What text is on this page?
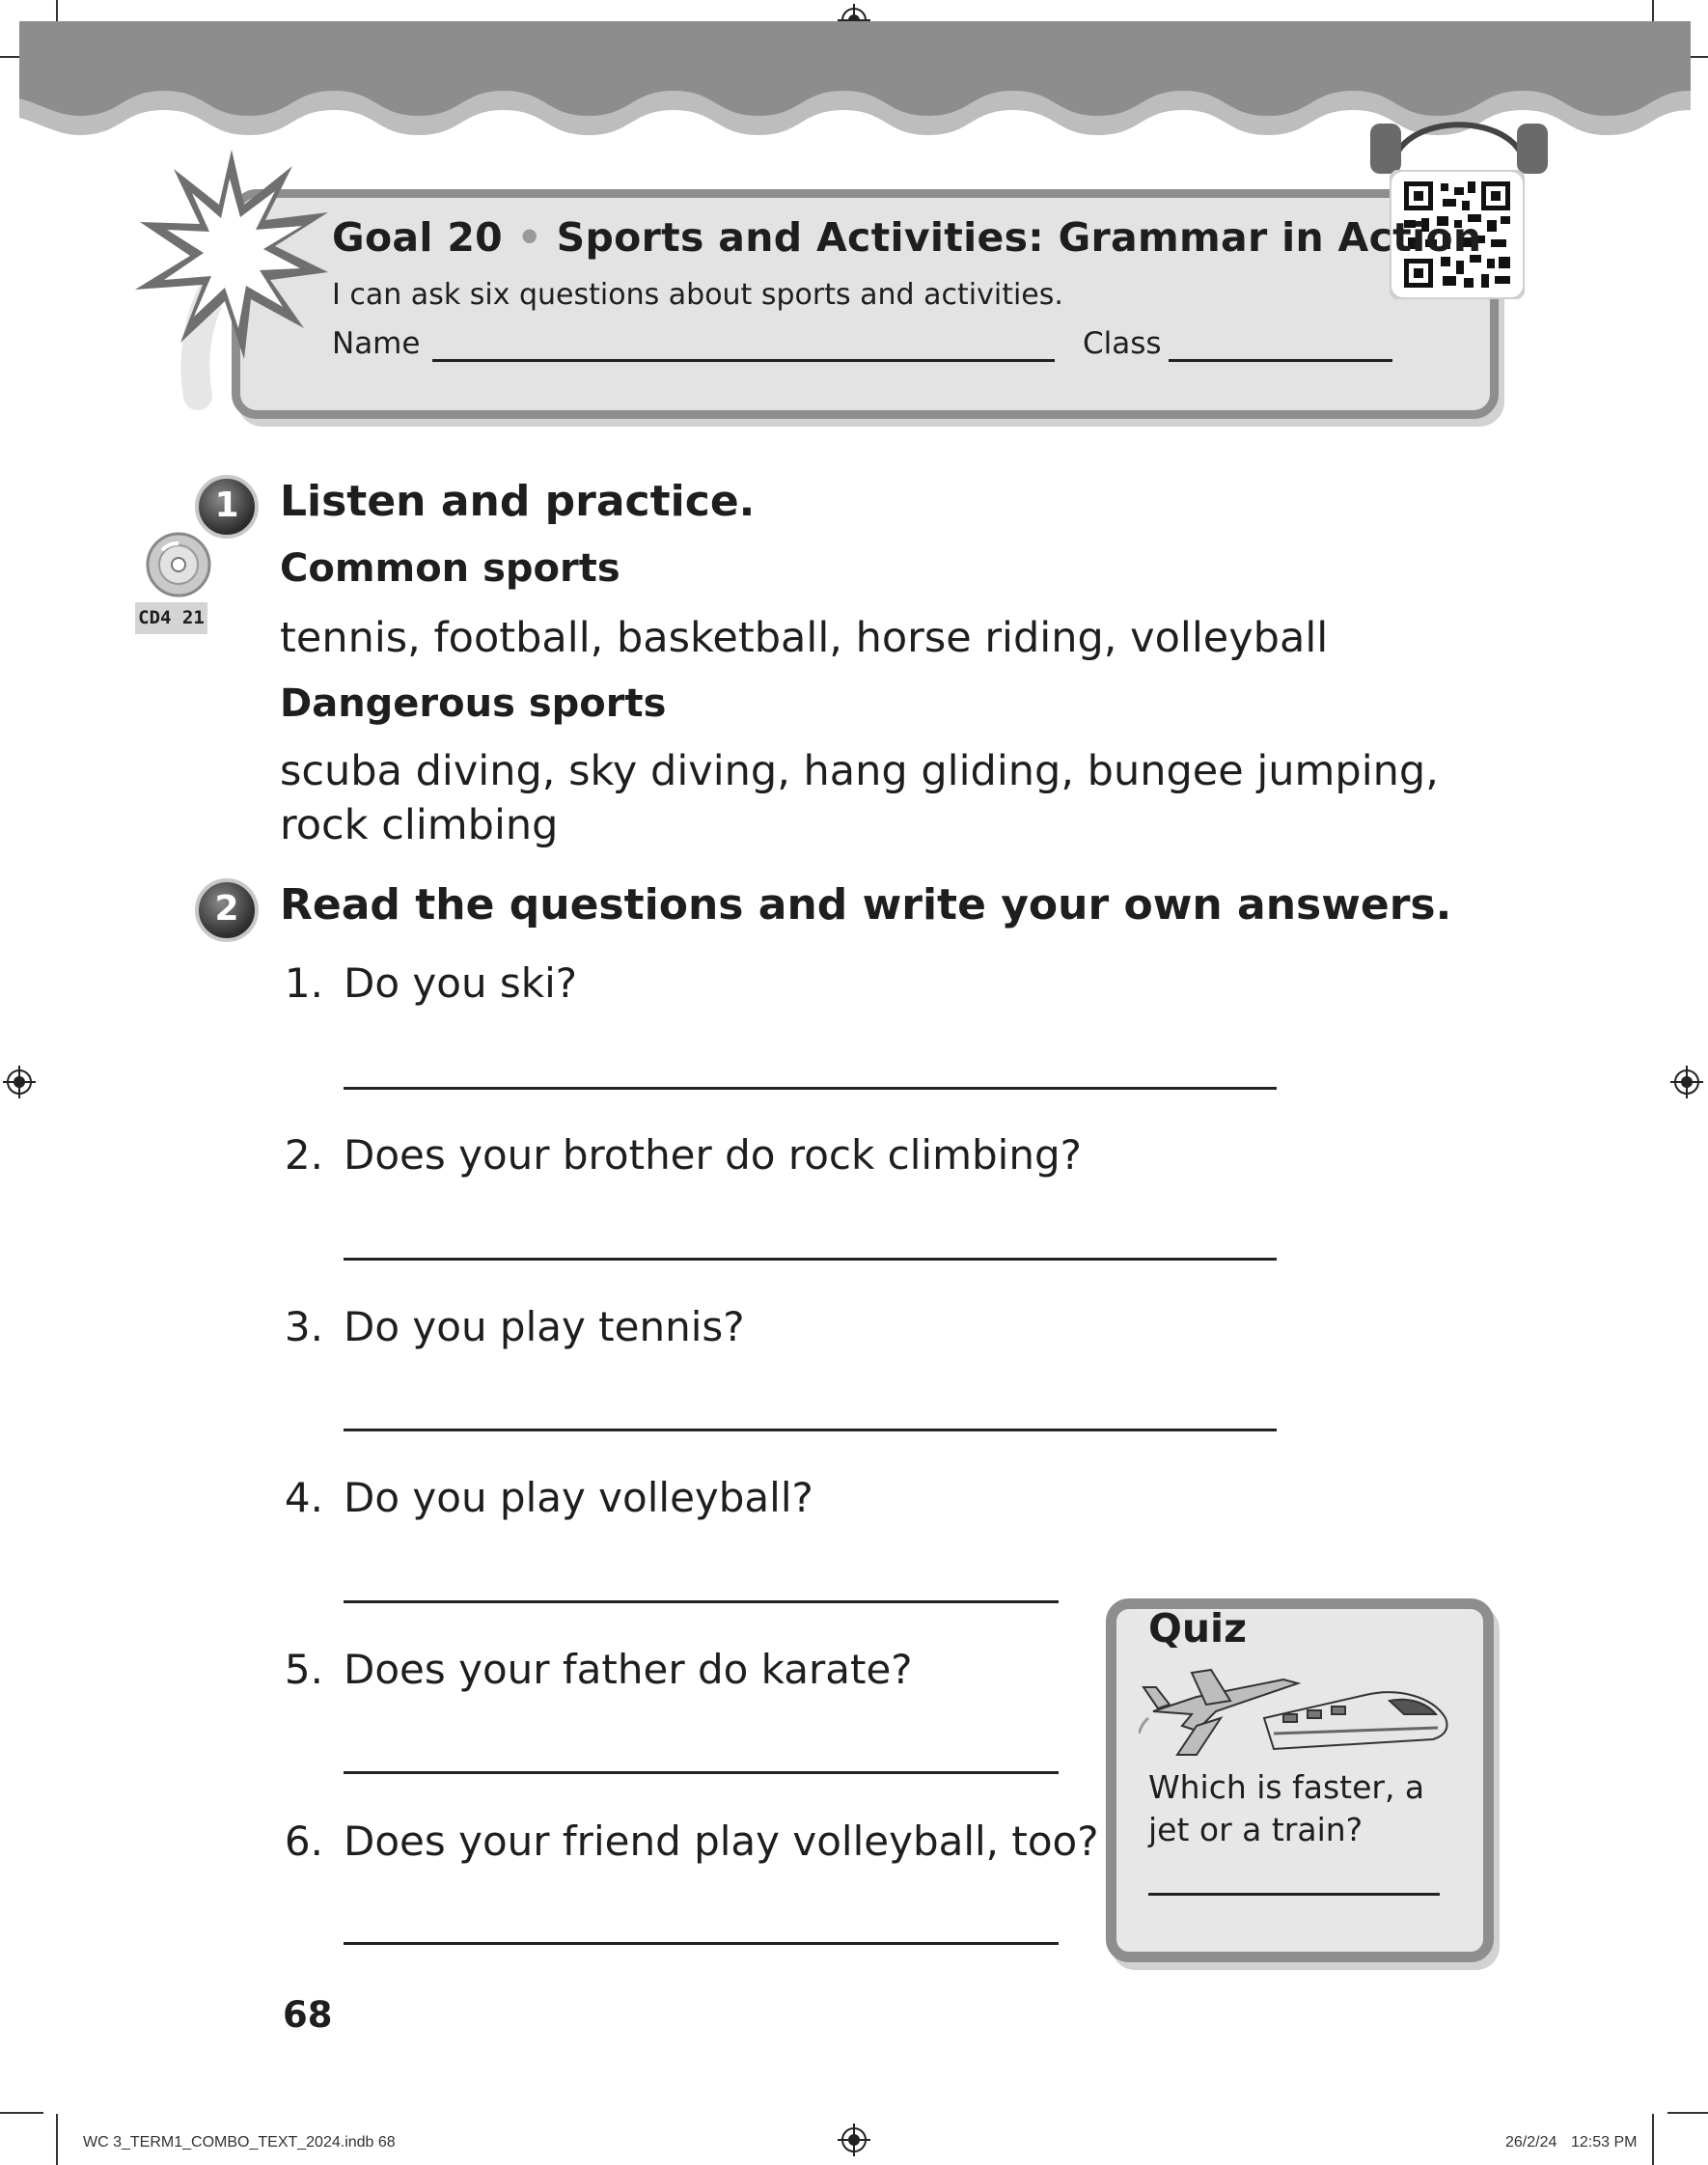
Goal 20 • Sports and Activities: Grammar in Action
I can ask six questions about sports and activities.
Name	Class
1 Listen and practice.
CD4 21
Common sports
tennis, football, basketball, horse riding, volleyball
Dangerous sports
scuba diving, sky diving, hang gliding, bungee jumping,
rock climbing
2 Read the questions and write your own answers.
1. Do you ski?
2. Does your brother do rock climbing?
3. Do you play tennis?
4. Do you play volleyball?
5. Does your father do karate?
6. Does your friend play volleyball, too?
Quiz
Which is faster, a jet or a train?
68
WC 3_TERM1_COMBO_TEXT_2024.indb 68	26/2/24 12:53 PM
